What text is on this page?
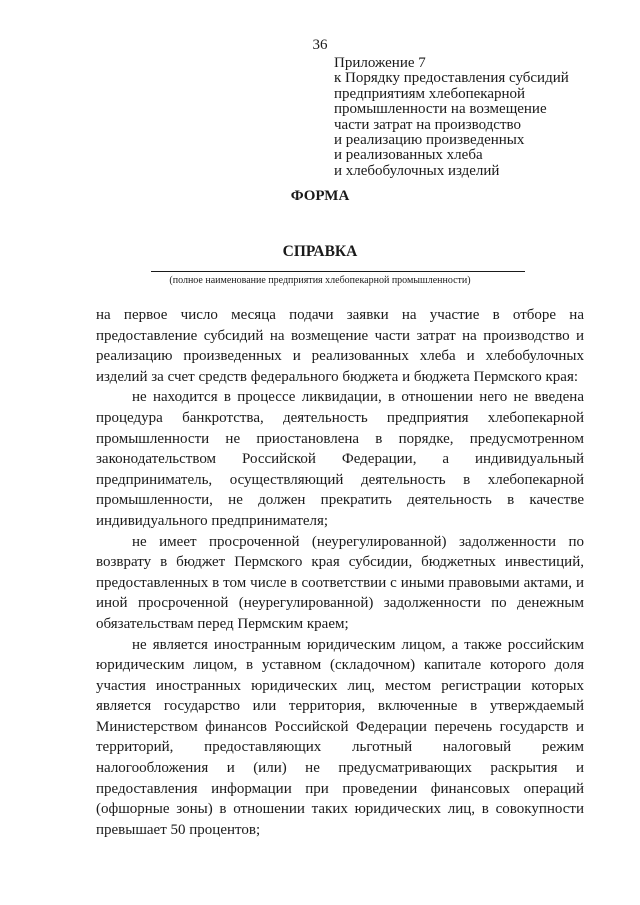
36
Приложение 7
к Порядку предоставления субсидий
предприятиям хлебопекарной
промышленности на возмещение
части затрат на производство
и реализацию произведенных
и реализованных хлеба
и хлебобулочных изделий
ФОРМА
СПРАВКА
(полное наименование предприятия хлебопекарной промышленности)

на первое число месяца подачи заявки на участие в отборе на предоставление субсидий на возмещение части затрат на производство и реализацию произведенных и реализованных хлеба и хлебобулочных изделий за счет средств федерального бюджета и бюджета Пермского края:

не находится в процессе ликвидации, в отношении него не введена процедура банкротства, деятельность предприятия хлебопекарной промышленности не приостановлена в порядке, предусмотренном законодательством Российской Федерации, а индивидуальный предприниматель, осуществляющий деятельность в хлебопекарной промышленности, не должен прекратить деятельность в качестве индивидуального предпринимателя;

не имеет просроченной (неурегулированной) задолженности по возврату в бюджет Пермского края субсидии, бюджетных инвестиций, предоставленных в том числе в соответствии с иными правовыми актами, и иной просроченной (неурегулированной) задолженности по денежным обязательствам перед Пермским краем;

не является иностранным юридическим лицом, а также российским юридическим лицом, в уставном (складочном) капитале которого доля участия иностранных юридических лиц, местом регистрации которых является государство или территория, включенные в утверждаемый Министерством финансов Российской Федерации перечень государств и территорий, предоставляющих льготный налоговый режим налогообложения и (или) не предусматривающих раскрытия и предоставления информации при проведении финансовых операций (офшорные зоны) в отношении таких юридических лиц, в совокупности превышает 50 процентов;
